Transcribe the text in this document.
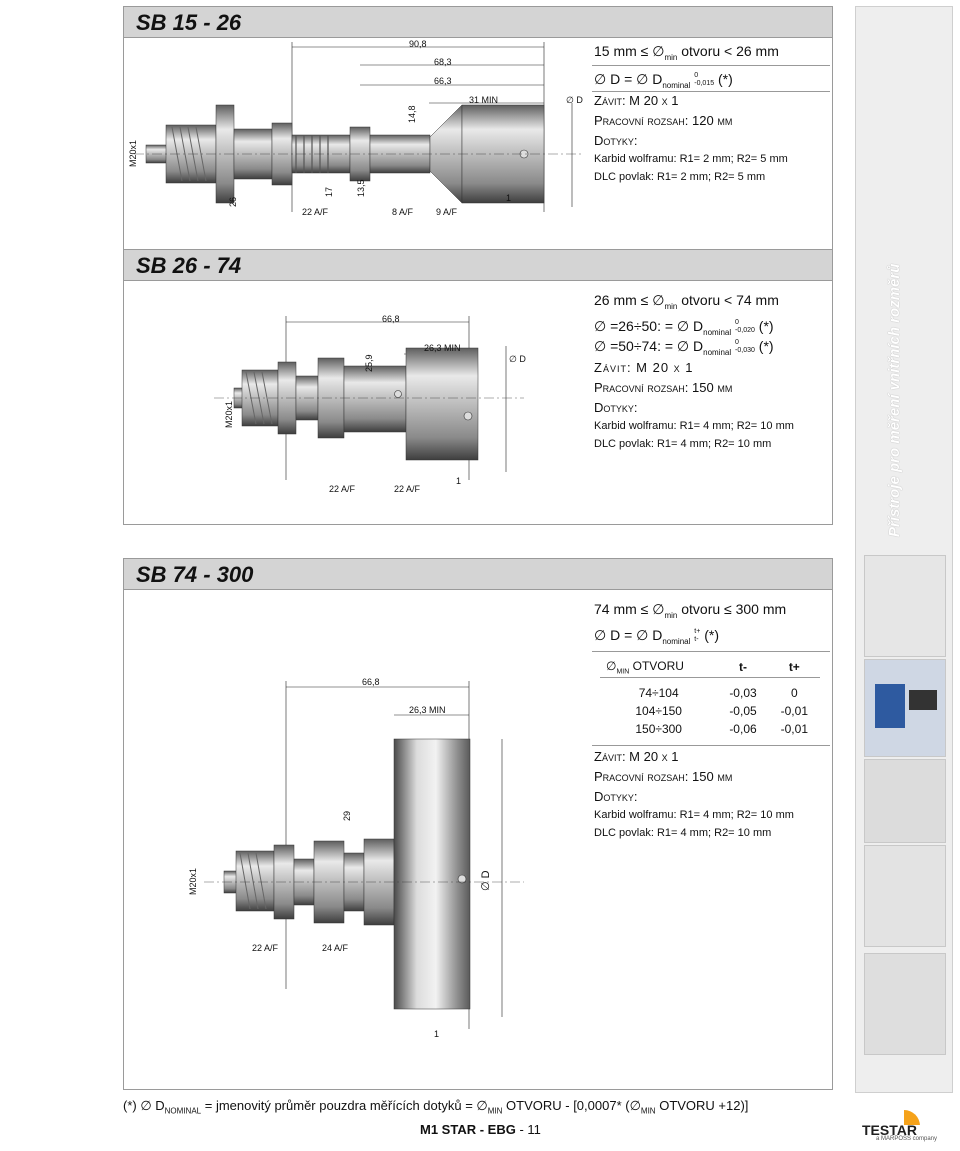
SB 15 - 26
90,8
68,3
66,3
31 MIN	∅ D
14,8
M20x1
26
17 13,5
22 A/F	8 A/F	9 A/F
1
15 mm ≤ $\emptyset_{min}$ otvoru < 26 mm
∅ D = ∅ $D_{nominal}$ 0
-0,015 (*)
Závit: M 20 x 1
Pracovní rozsah: 120 µm
Dotyky:
Karbid wolframu: R1= 2 mm; R2= 5 mm
DLC povlak: R1= 2 mm; R2= 5 mm
SB 26 - 74
66,8
26,3 MIN
25,9	∅ D
M20x1
22 A/F	22 A/F
1
26 mm ≤ $\emptyset_{min}$ otvoru < 74 mm
∅ =26÷50: = ∅ $D_{nominal}$ 0
-0,020 (*)
∅ =50÷74: = ∅ $D_{nominal}$ 0
-0,030 (*)
Závit: M 20 x 1
Pracovní rozsah: 150 µm
Dotyky:
Karbid wolframu: R1= 4 mm; R2= 10 mm
DLC povlak: R1= 4 mm; R2= 10 mm
SB 74 - 300
66,8
26,3 MIN
29
∅ D
M20x1
22 A/F	24 A/F
1
74 mm ≤ $\emptyset_{min}$ otvoru ≤ 300 mm
∅ D = ∅ $D_{nominal}$ t+
t- (*)
$\emptyset_{MIN}$ OTVORU	t-	t+

74÷104	-0,03	0
104÷150	-0,05	-0,01
150÷300	-0,06	-0,01
Závit: M 20 x 1
Pracovní rozsah: 150 µm
Dotyky:
Karbid wolframu: R1= 4 mm; R2= 10 mm
DLC povlak: R1= 4 mm; R2= 10 mm
Přístroje pro měření vnitřních rozměrů
(*) ∅ $D_{NOMINAL}$ = jmenovitý průměr pouzdra měřících dotyků = $\emptyset_{MIN}$ OTVORU - [0,0007* ($\emptyset_{MIN}$ OTVORU +12)]
M1 STAR - EBG - 11	TESTAR
a MARPOSS company
